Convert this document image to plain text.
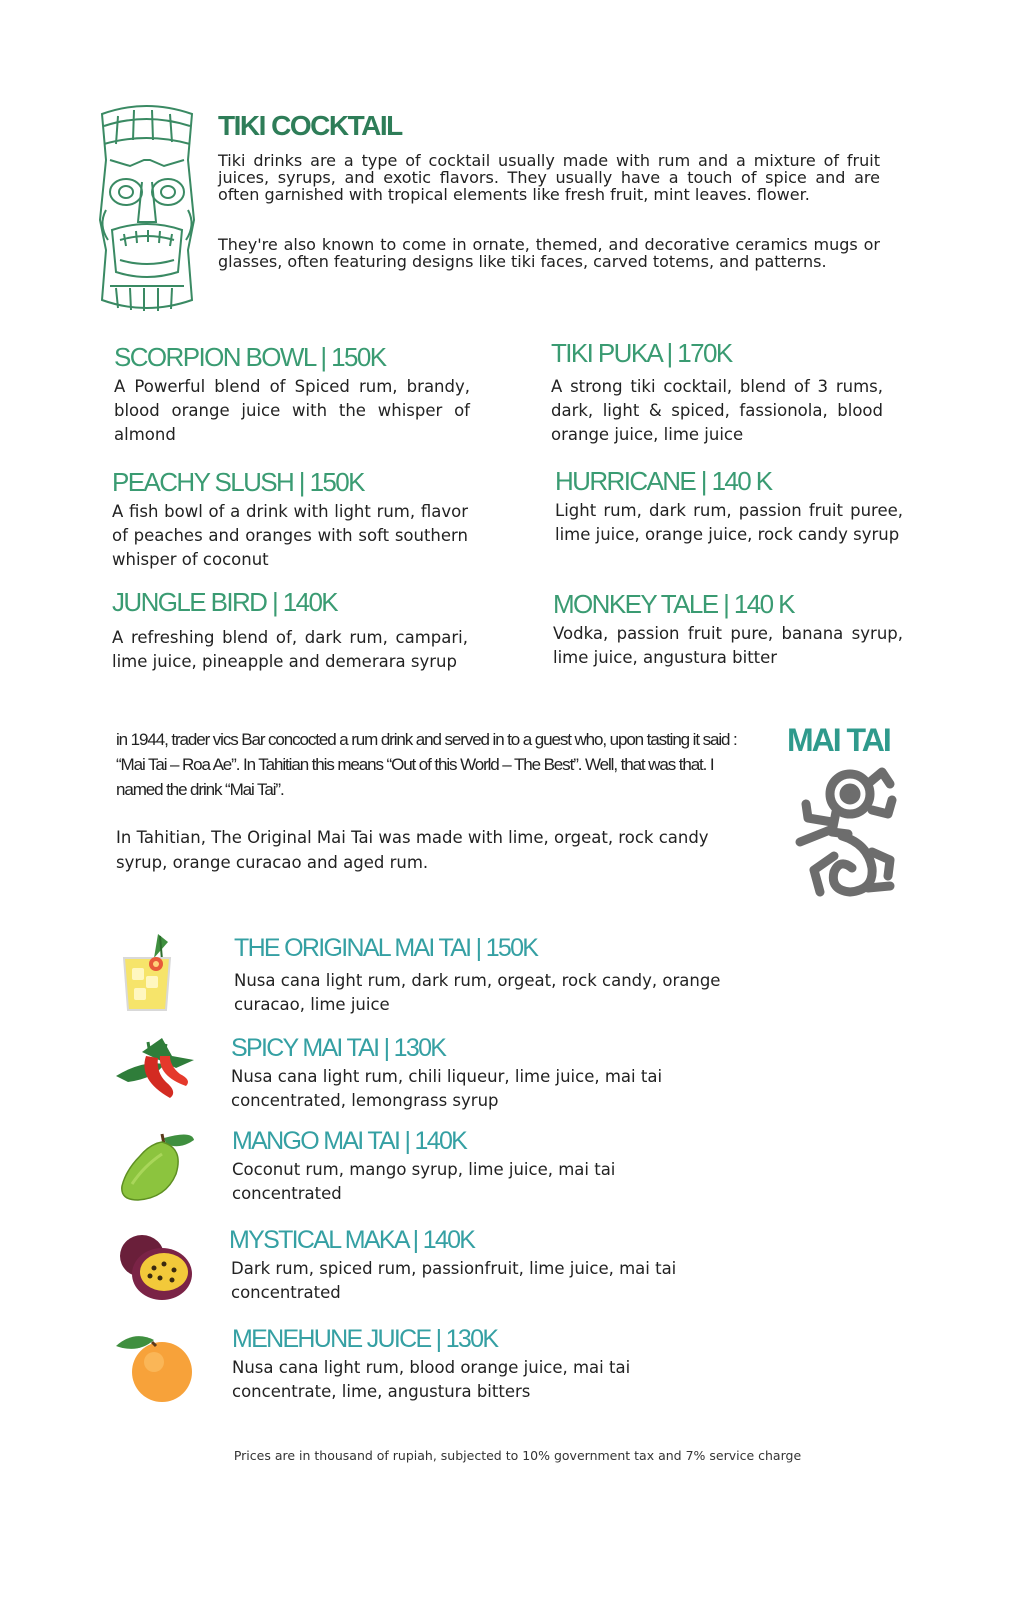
TIKI COCKTAIL

Tiki drinks are a type of cocktail usually made with rum and a mixture of fruit juices, syrups, and exotic flavors. They usually have a touch of spice and are often garnished with tropical elements like fresh fruit, mint leaves. flower.

They're also known to come in ornate, themed, and decorative ceramics mugs or glasses, often featuring designs like tiki faces, carved totems, and patterns.

SCORPION BOWL | 150K

A Powerful blend of Spiced rum, brandy, blood orange juice with the whisper of almond

PEACHY SLUSH | 150K

A fish bowl of a drink with light rum, flavor of peaches and oranges with soft southern whisper of coconut

JUNGLE BIRD | 140K

A refreshing blend of, dark rum, campari, lime juice, pineapple and demerara syrup

TIKI PUKA | 170K

A strong tiki cocktail, blend of 3 rums, dark, light & spiced, fassionola, blood orange juice, lime juice

HURRICANE | 140 K

Light rum, dark rum, passion fruit puree, lime juice, orange juice, rock candy syrup

MONKEY TALE | 140 K

Vodka, passion fruit pure, banana syrup, lime juice, angustura bitter

in 1944, trader vics Bar concocted a rum drink and served in to a guest who, upon tasting it said : “Mai Tai – Roa Ae”. In Tahitian this means “Out of this World – The Best”. Well, that was that. I named the drink “Mai Tai”.

In Tahitian, The Original Mai Tai was made with lime, orgeat, rock candy syrup, orange curacao and aged rum.

MAI TAI
THE ORIGINAL MAI TAI | 150K

Nusa cana light rum, dark rum, orgeat, rock candy, orange curacao, lime juice

SPICY MAI TAI | 130K

Nusa cana light rum, chili liqueur, lime juice, mai tai concentrated, lemongrass syrup

MANGO MAI TAI | 140K

Coconut rum, mango syrup, lime juice, mai tai concentrated

MYSTICAL MAKA | 140K

Dark rum, spiced rum, passionfruit, lime juice, mai tai concentrated

MENEHUNE JUICE | 130K

Nusa cana light rum, blood orange juice, mai tai concentrate, lime, angustura bitters

Prices are in thousand of rupiah, subjected to 10% government tax and 7% service charge
